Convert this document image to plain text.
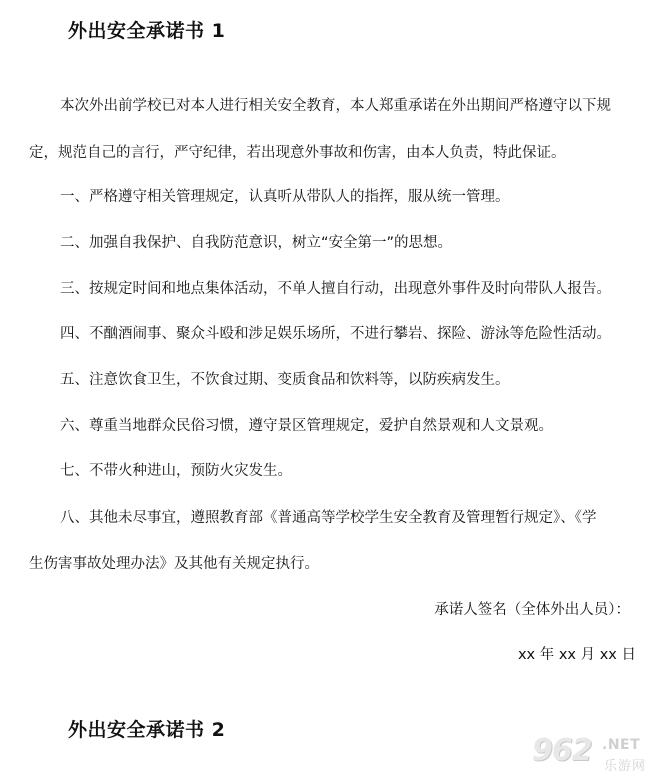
外出安全承诺书 1
本次外出前学校已对本人进行相关安全教育，本人郑重承诺在外出期间严格遵守以下规
定，规范自己的言行，严守纪律，若出现意外事故和伤害，由本人负责，特此保证。
一、严格遵守相关管理规定，认真听从带队人的指挥，服从统一管理。
二、加强自我保护、自我防范意识，树立“安全第一”的思想。
三、按规定时间和地点集体活动，不单人擅自行动，出现意外事件及时向带队人报告。
四、不酗酒闹事、聚众斗殴和涉足娱乐场所，不进行攀岩、探险、游泳等危险性活动。
五、注意饮食卫生，不饮食过期、变质食品和饮料等，以防疾病发生。
六、尊重当地群众民俗习惯，遵守景区管理规定，爱护自然景观和人文景观。
七、不带火种进山，预防火灾发生。
八、其他未尽事宜，遵照教育部《普通高等学校学生安全教育及管理暂行规定》、《学
生伤害事故处理办法》及其他有关规定执行。
承诺人签名（全体外出人员）：
xx 年 xx 月 xx 日
外出安全承诺书 2
962 .NET
乐游网
